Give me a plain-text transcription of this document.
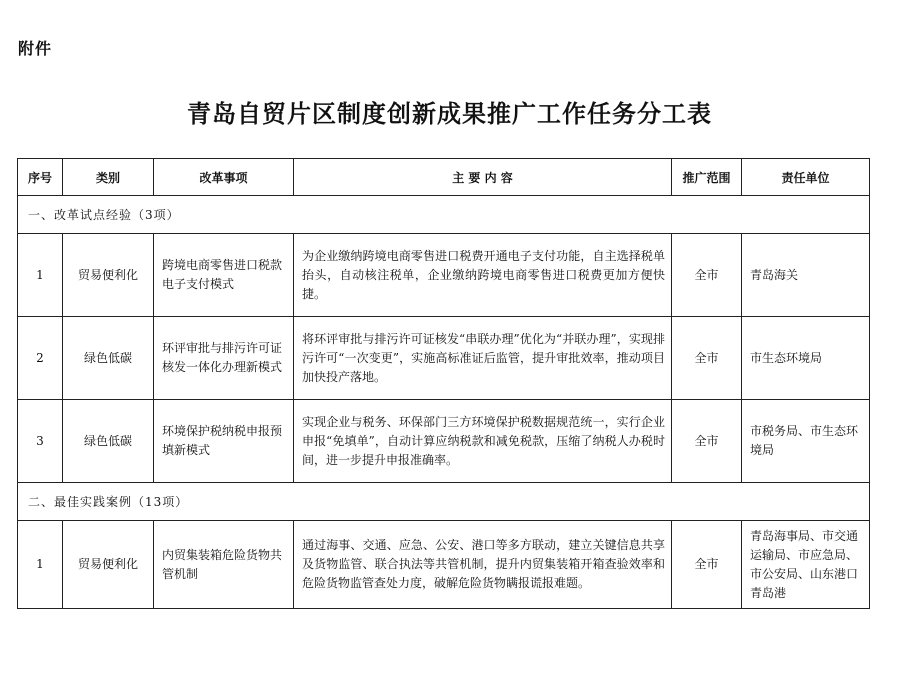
附件
青岛自贸片区制度创新成果推广工作任务分工表
序号	类别	改革事项	主 要 内 容	推广范围	责任单位
一、改革试点经验（3项）					
1	贸易便利化	跨境电商零售进口税款电子支付模式	为企业缴纳跨境电商零售进口税费开通电子支付功能，自主选择税单抬头，自动核注税单，企业缴纳跨境电商零售进口税费更加方便快捷。	全市	青岛海关
2	绿色低碳	环评审批与排污许可证核发一体化办理新模式	将环评审批与排污许可证核发“串联办理”优化为“并联办理”，实现排污许可“一次变更”，实施高标准证后监管，提升审批效率，推动项目加快投产落地。	全市	市生态环境局
3	绿色低碳	环境保护税纳税申报预填新模式	实现企业与税务、环保部门三方环境保护税数据规范统一，实行企业申报“免填单”，自动计算应纳税款和减免税款，压缩了纳税人办税时间，进一步提升申报准确率。	全市	市税务局、市生态环境局
二、最佳实践案例（13项）					
1	贸易便利化	内贸集装箱危险货物共管机制	通过海事、交通、应急、公安、港口等多方联动，建立关键信息共享及货物监管、联合执法等共管机制，提升内贸集装箱开箱查验效率和危险货物监管查处力度，破解危险货物瞒报谎报难题。	全市	青岛海事局、市交通运输局、市应急局、市公安局、山东港口青岛港
